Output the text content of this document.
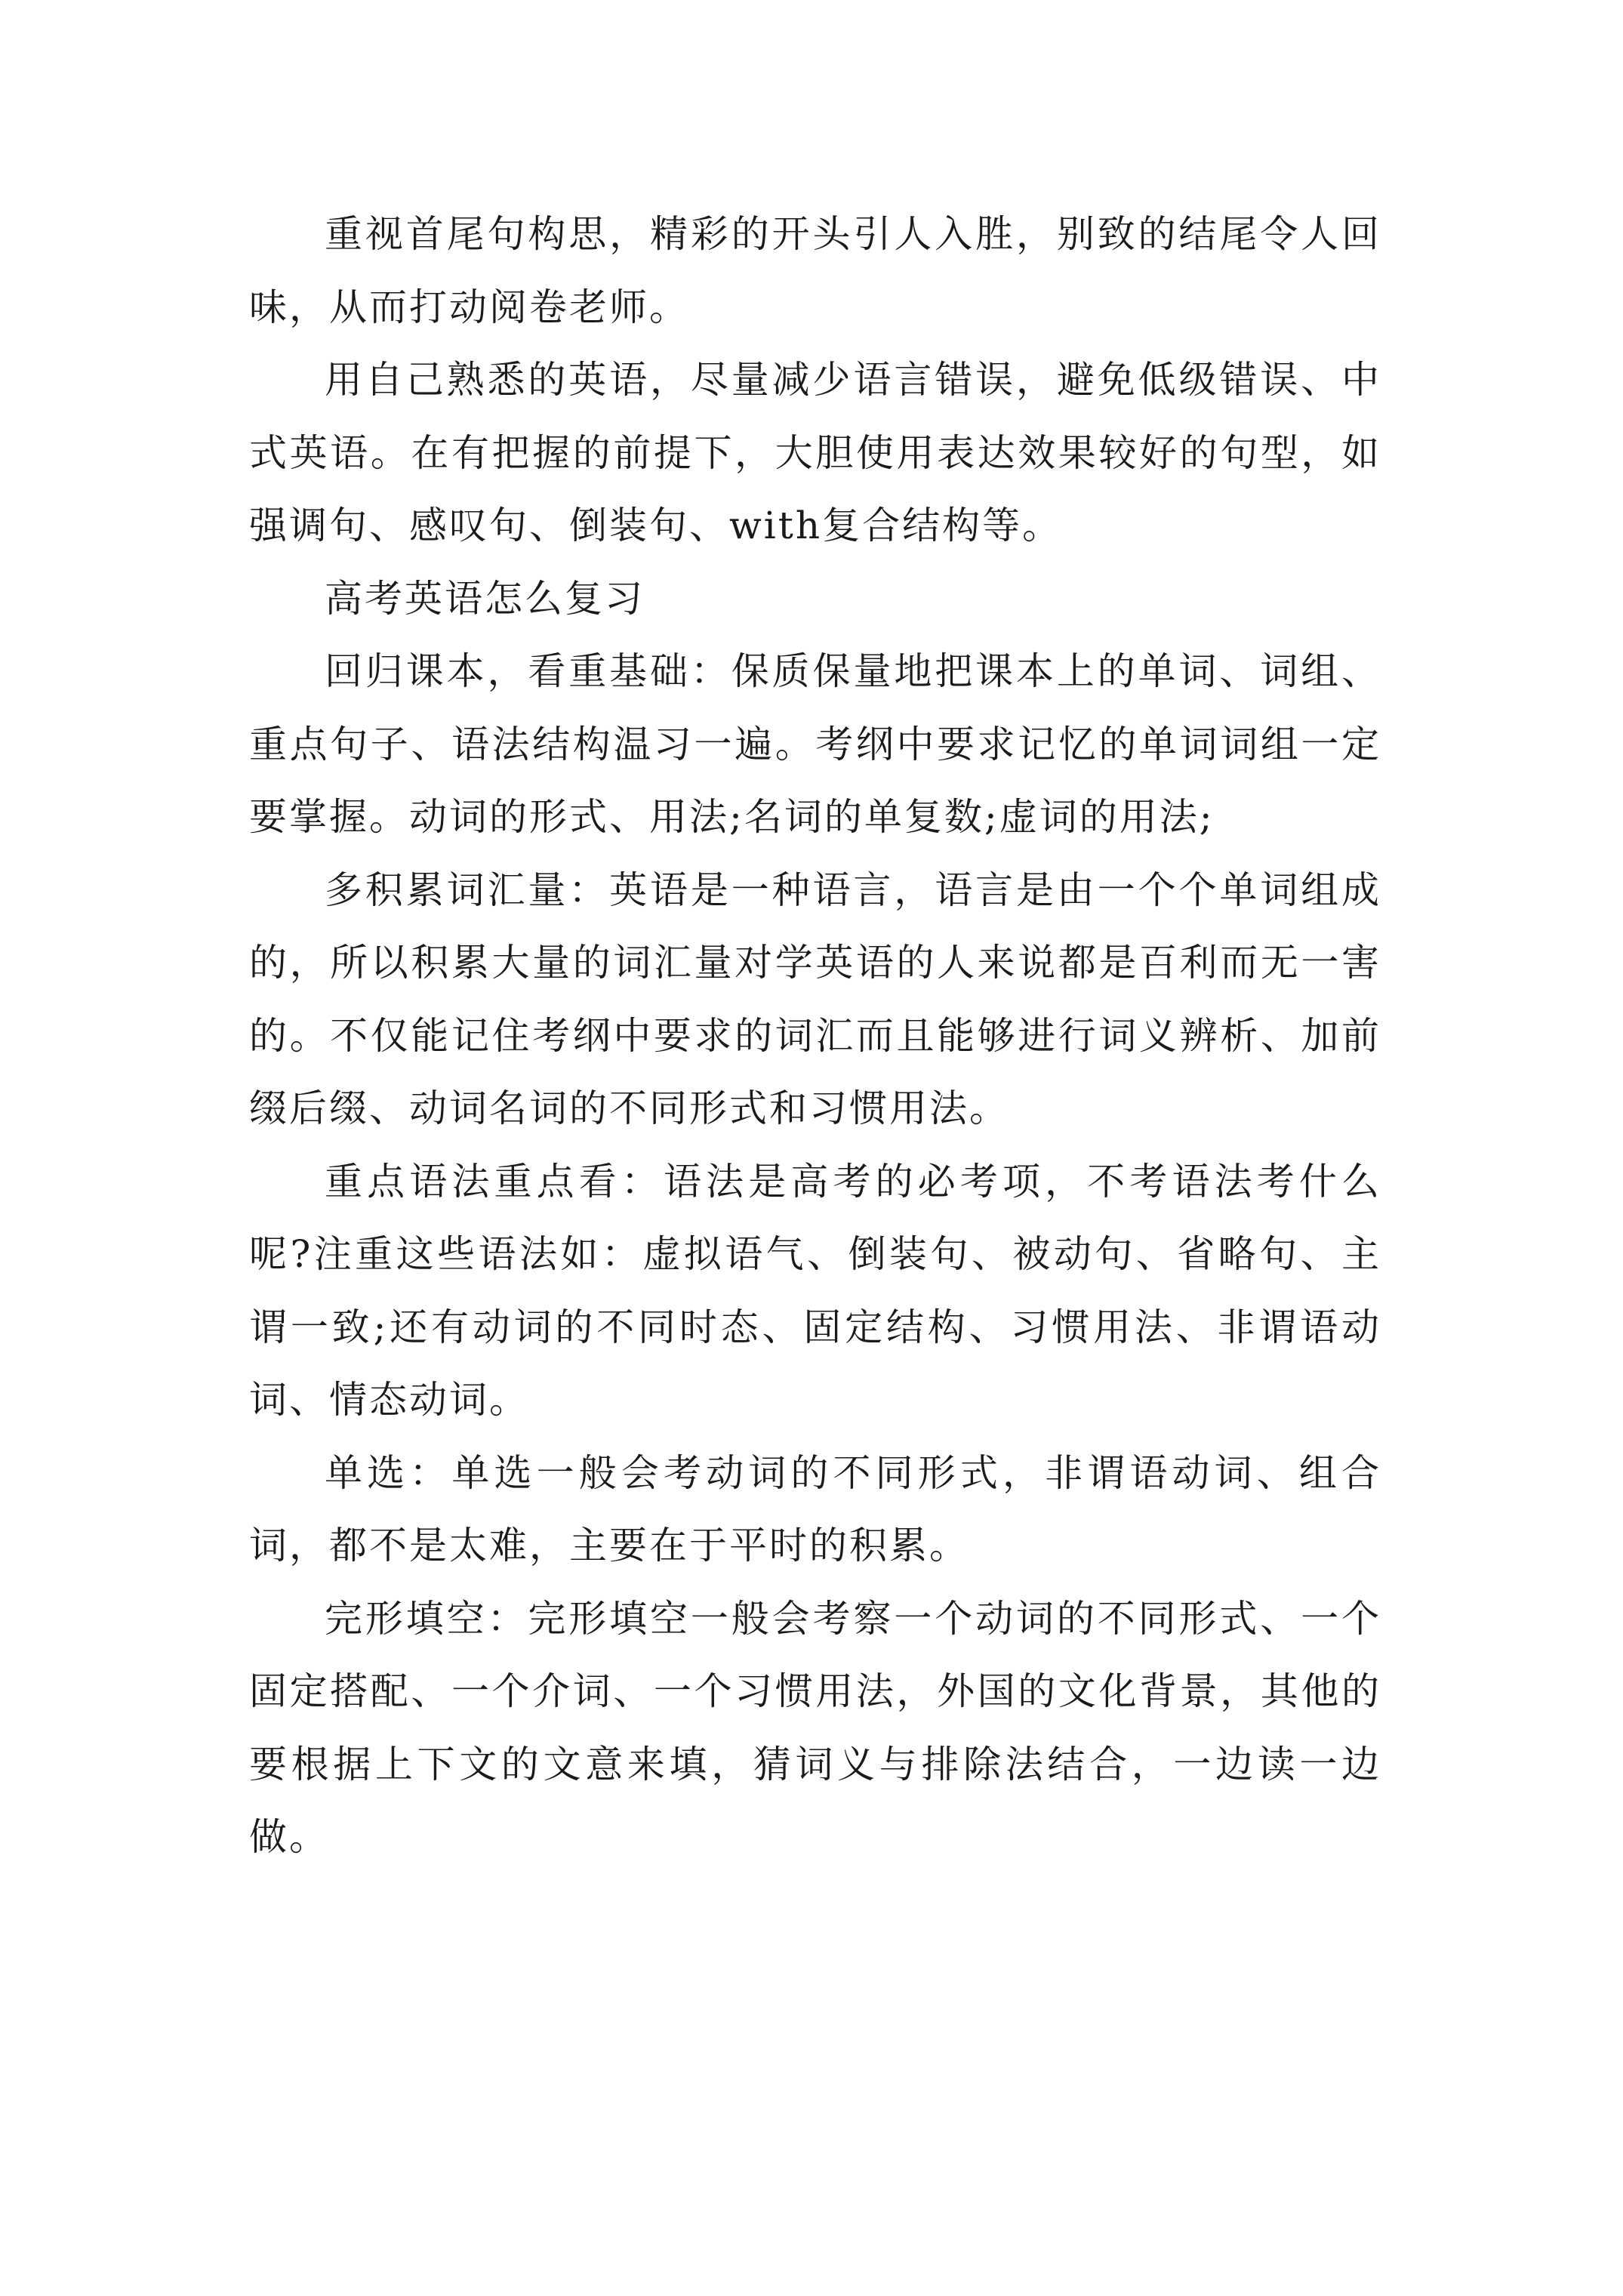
重视首尾句构思，精彩的开头引人入胜，别致的结尾令人回味，从而打动阅卷老师。

用自己熟悉的英语，尽量减少语言错误，避免低级错误、中式英语。在有把握的前提下，大胆使用表达效果较好的句型，如强调句、感叹句、倒装句、with复合结构等。

高考英语怎么复习

回归课本，看重基础：保质保量地把课本上的单词、词组、重点句子、语法结构温习一遍。考纲中要求记忆的单词词组一定要掌握。动词的形式、用法;名词的单复数;虚词的用法;

多积累词汇量：英语是一种语言，语言是由一个个单词组成的，所以积累大量的词汇量对学英语的人来说都是百利而无一害的。不仅能记住考纲中要求的词汇而且能够进行词义辨析、加前缀后缀、动词名词的不同形式和习惯用法。

重点语法重点看：语法是高考的必考项，不考语法考什么呢?注重这些语法如：虚拟语气、倒装句、被动句、省略句、主谓一致;还有动词的不同时态、固定结构、习惯用法、非谓语动词、情态动词。

单选：单选一般会考动词的不同形式，非谓语动词、组合词，都不是太难，主要在于平时的积累。

完形填空：完形填空一般会考察一个动词的不同形式、一个固定搭配、一个介词、一个习惯用法，外国的文化背景，其他的要根据上下文的文意来填，猜词义与排除法结合，一边读一边做。
